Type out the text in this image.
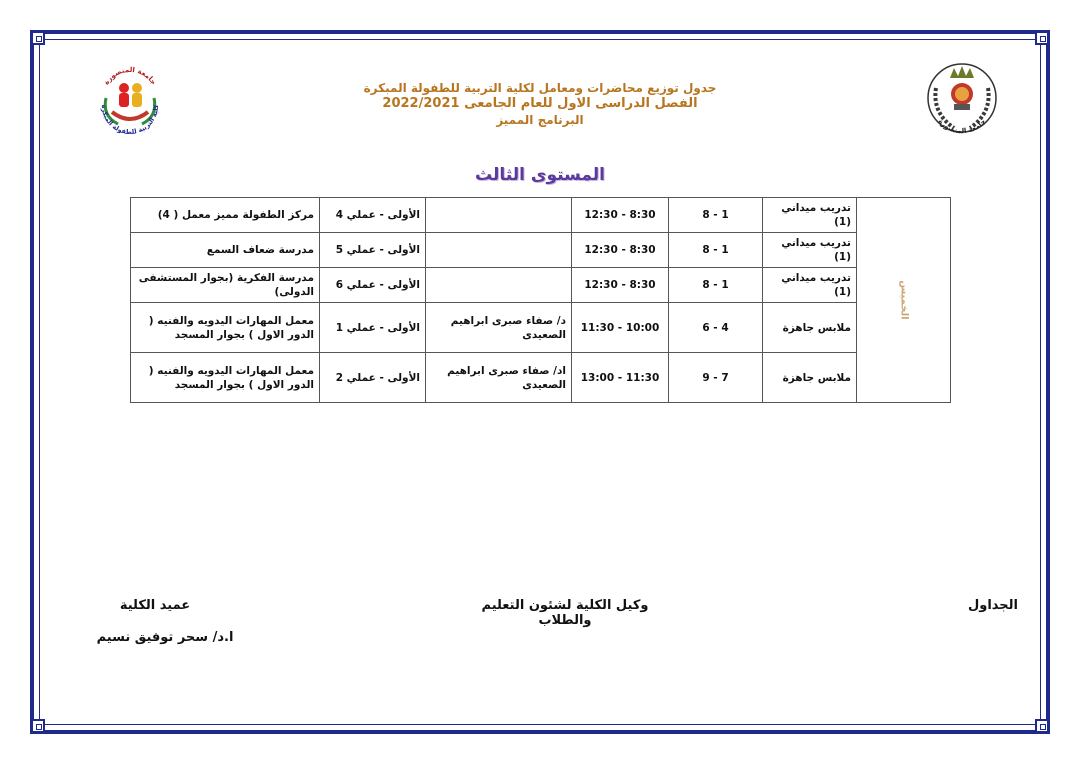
جامعة المنصورة
كلية التربية للطفولة المبكرة
جامعة المنصورة
جدول توزيع محاضرات ومعامل لكلية التربية للطفولة المبكرة
الفصل الدراسى الاول للعام الجامعى 2022/2021
البرنامج المميز
المستوى الثالث
الخميس	تدريب ميداني (1)	1 - 8	8:30 - 12:30		الأولى - عملي 4	مركز الطفولة مميز معمل ( 4)
	تدريب ميداني (1)	1 - 8	8:30 - 12:30		الأولى - عملي 5	مدرسة ضعاف السمع
	تدريب ميداني (1)	1 - 8	8:30 - 12:30		الأولى - عملي 6	مدرسة الفكرية (بجوار المستشفى الدولى)
	ملابس جاهزة	4 - 6	10:00 - 11:30	د/ صفاء صبرى ابراهيم الصعيدى	الأولى - عملي 1	معمل المهارات اليدويه والفنيه ( الدور الاول ) بجوار المسجد
	ملابس جاهزة	7 - 9	11:30 - 13:00	اد/ صفاء صبرى ابراهيم الصعيدى	الأولى - عملي 2	معمل المهارات اليدويه والفنيه ( الدور الاول ) بجوار المسجد
الجداول
وكيل الكلية لشئون التعليم والطلاب
عميد الكلية
ا.د/ سحر توفيق نسيم
